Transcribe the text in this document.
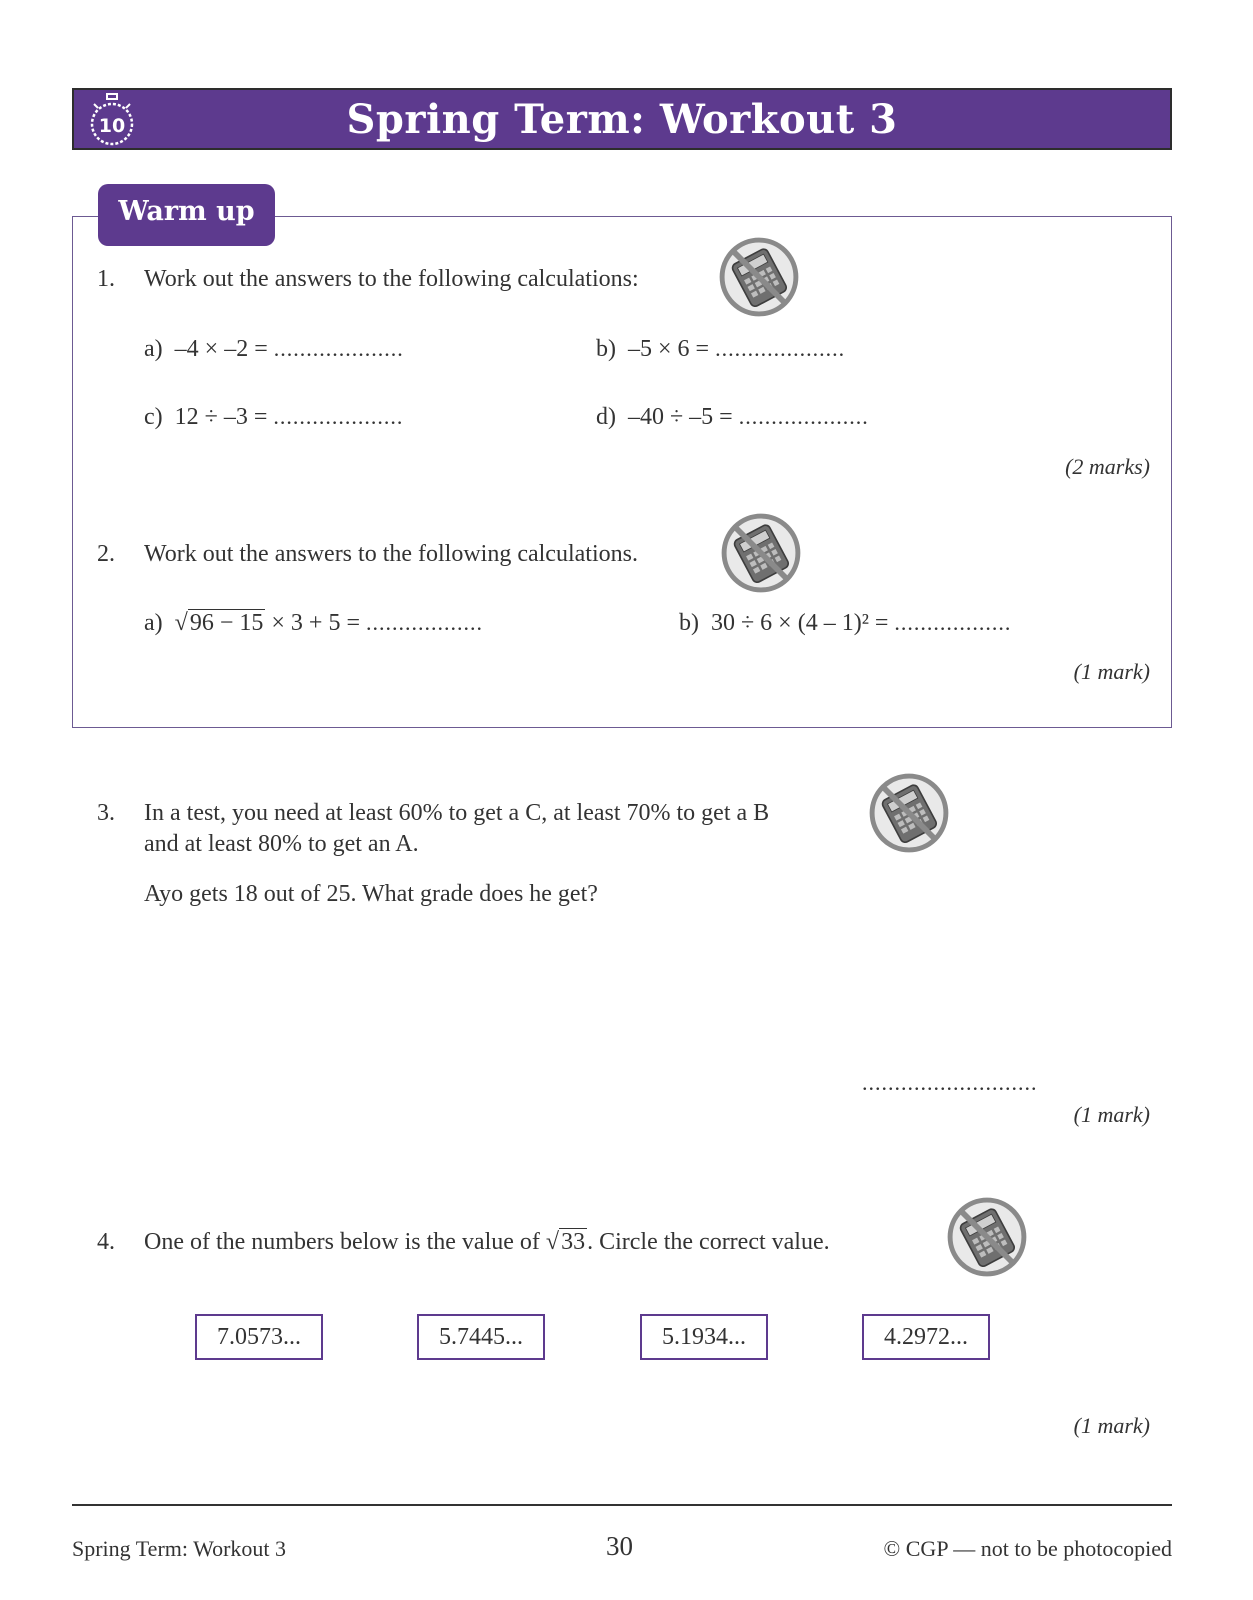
10	Spring Term: Workout 3
Warm up
1. Work out the answers to the following calculations:
a) –4 × –2 = ....................	b) –5 × 6 = ....................
c) 12 ÷ –3 = ....................	d) –40 ÷ –5 = ....................
(2 marks)
2. Work out the answers to the following calculations.
a) √96 − 15 × 3 + 5 = ..................	b) 30 ÷ 6 × (4 – 1)² = ..................
(1 mark)
3. In a test, you need at least 60% to get a C, at least 70% to get a B
and at least 80% to get an A.
Ayo gets 18 out of 25. What grade does he get?
...........................
(1 mark)
4. One of the numbers below is the value of √33. Circle the correct value.
7.0573...	5.7445...	5.1934...	4.2972...
(1 mark)
Spring Term: Workout 3	30	© CGP — not to be photocopied
